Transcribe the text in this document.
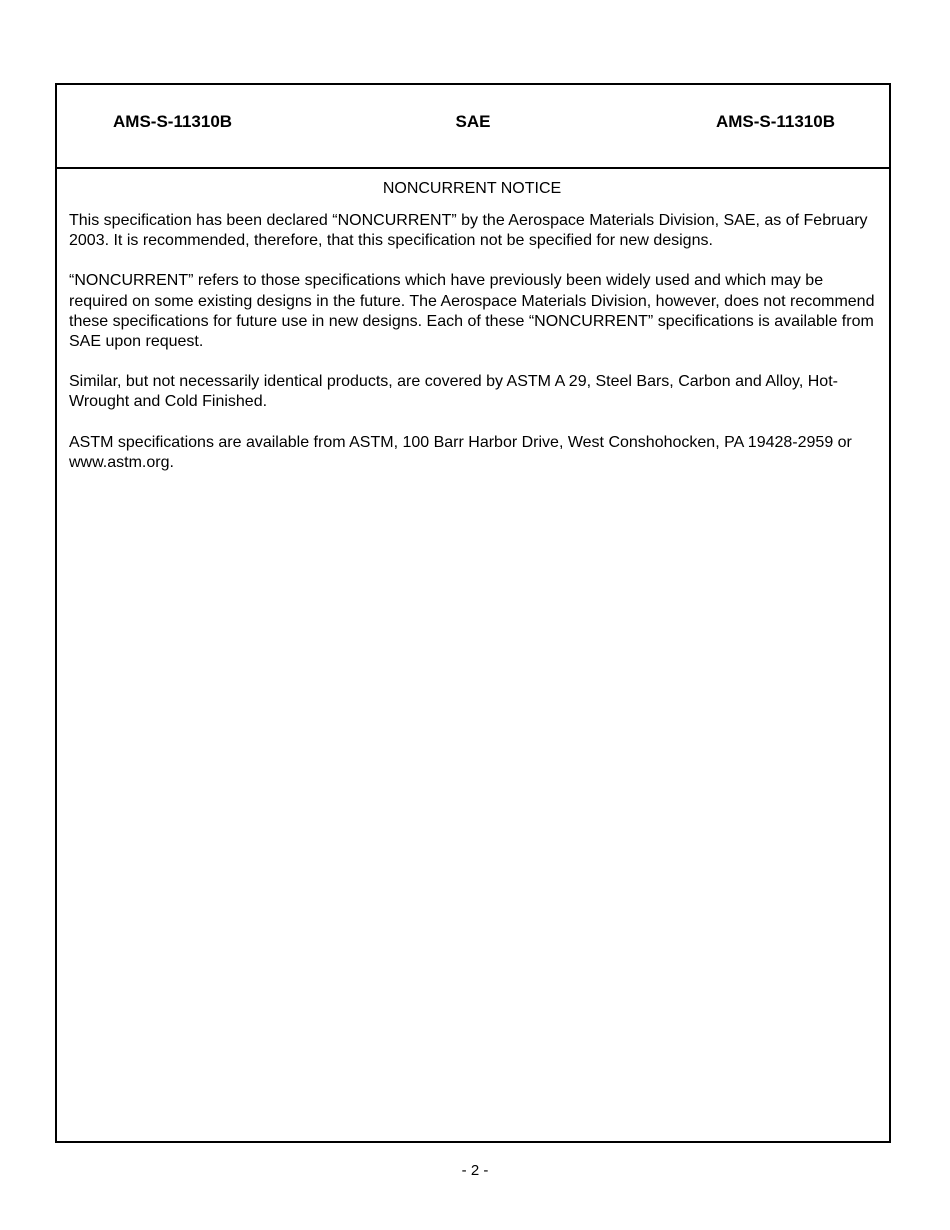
AMS-S-11310B	SAE	AMS-S-11310B

NONCURRENT NOTICE

This specification has been declared “NONCURRENT” by the Aerospace Materials Division, SAE, as of February 2003. It is recommended, therefore, that this specification not be specified for new designs.

“NONCURRENT” refers to those specifications which have previously been widely used and which may be required on some existing designs in the future. The Aerospace Materials Division, however, does not recommend these specifications for future use in new designs. Each of these “NONCURRENT” specifications is available from SAE upon request.

Similar, but not necessarily identical products, are covered by ASTM A 29, Steel Bars, Carbon and Alloy, Hot-Wrought and Cold Finished.

ASTM specifications are available from ASTM, 100 Barr Harbor Drive, West Conshohocken, PA 19428-2959 or www.astm.org.

- 2 -
